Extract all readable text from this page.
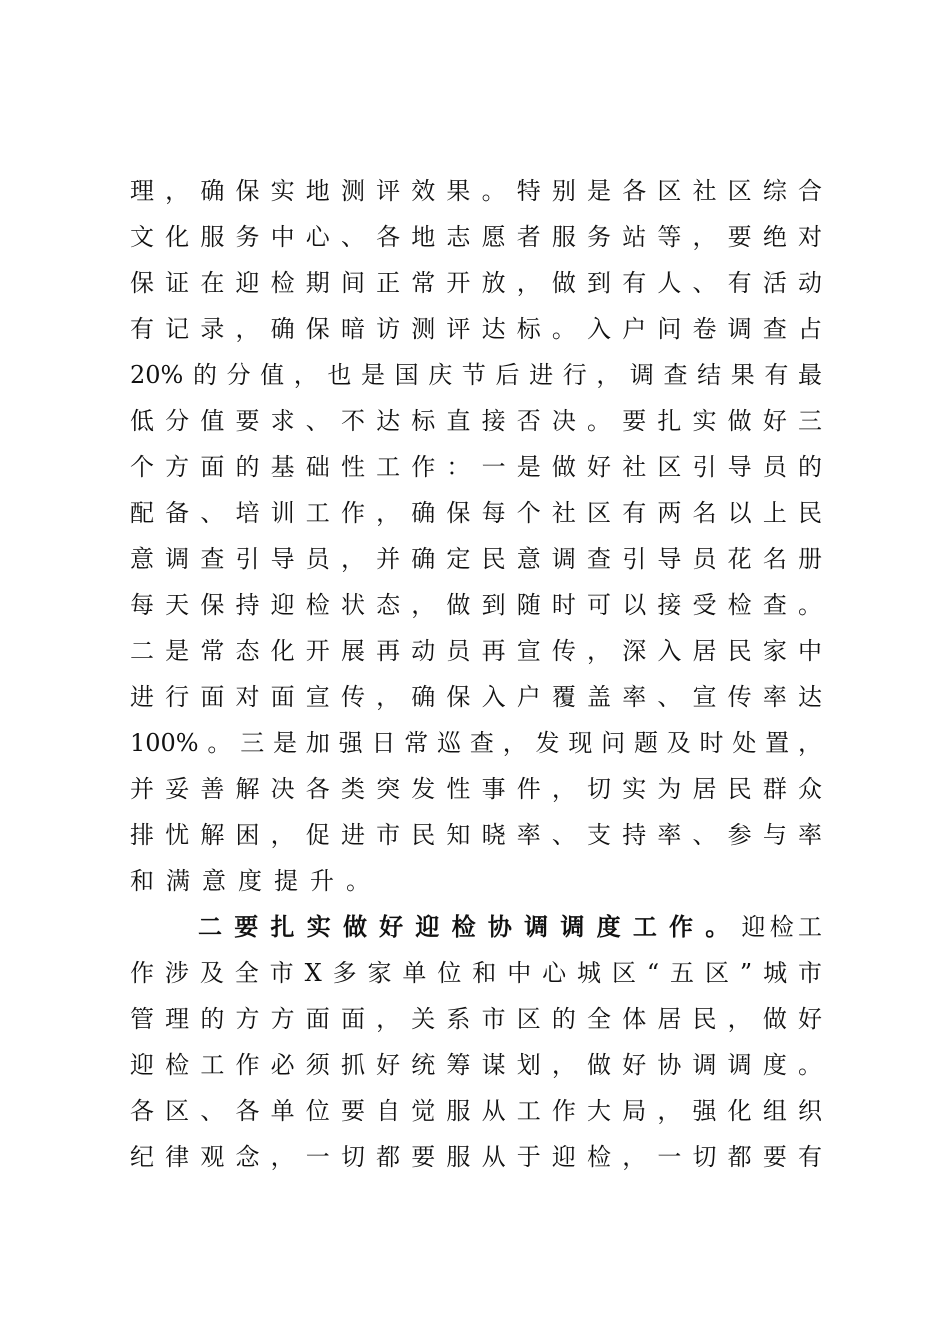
理，确保实地测评效果。特别是各区社区综合
文化服务中心、各地志愿者服务站等，要绝对
保证在迎检期间正常开放，做到有人、有活动
有记录，确保暗访测评达标。入户问卷调查占
20%的分值，也是国庆节后进行，调查结果有最
低分值要求、不达标直接否决。要扎实做好三
个方面的基础性工作：一是做好社区引导员的
配备、培训工作，确保每个社区有两名以上民
意调查引导员，并确定民意调查引导员花名册
每天保持迎检状态，做到随时可以接受检查。
二是常态化开展再动员再宣传，深入居民家中
进行面对面宣传，确保入户覆盖率、宣传率达
100%。三是加强日常巡查，发现问题及时处置，
并妥善解决各类突发性事件，切实为居民群众
排忧解困，促进市民知晓率、支持率、参与率
和满意度提升。
二要扎实做好迎检协调调度工作。迎检工
作涉及全市X多家单位和中心城区“五区”城市
管理的方方面面，关系市区的全体居民，做好
迎检工作必须抓好统筹谋划，做好协调调度。
各区、各单位要自觉服从工作大局，强化组织
纪律观念，一切都要服从于迎检，一切都要有
